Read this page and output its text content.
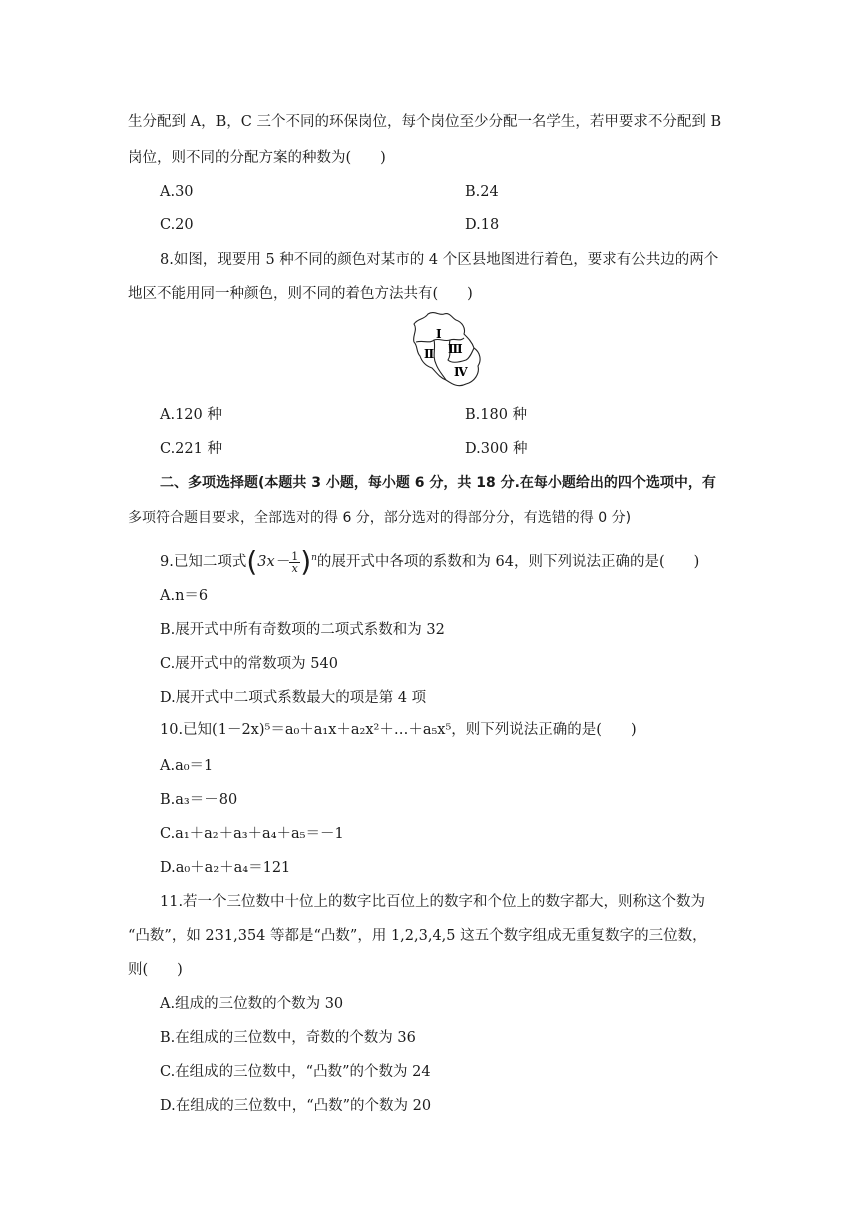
生分配到 A，B，C 三个不同的环保岗位，每个岗位至少分配一名学生，若甲要求不分配到 B
岗位，则不同的分配方案的种数为(　　)
A.30	B.24
C.20	D.18
8.如图，现要用 5 种不同的颜色对某市的 4 个区县地图进行着色，要求有公共边的两个
地区不能用同一种颜色，则不同的着色方法共有(　　)
Ⅰ
Ⅱ Ⅲ
Ⅳ
A.120 种	B.180 种
C.221 种	D.300 种
二、多项选择题(本题共 3 小题，每小题 6 分，共 18 分.在每小题给出的四个选项中，有
多项符合题目要求，全部选对的得 6 分，部分选对的得部分分，有选错的得 0 分)
9.已知二项式$(3x- \frac{1}{x} )^n$的展开式中各项的系数和为 64，则下列说法正确的是(　　)
A.n＝6
B.展开式中所有奇数项的二项式系数和为 32
C.展开式中的常数项为 540
D.展开式中二项式系数最大的项是第 4 项
10.已知(1－2x)⁵＝a₀＋a₁x＋a₂x²＋…＋a₅x⁵，则下列说法正确的是(　　)
A.a₀＝1
B.a₃＝－80
C.a₁＋a₂＋a₃＋a₄＋a₅＝－1
D.a₀＋a₂＋a₄＝121
11.若一个三位数中十位上的数字比百位上的数字和个位上的数字都大，则称这个数为
“凸数”，如 231,354 等都是“凸数”，用 1,2,3,4,5 这五个数字组成无重复数字的三位数，
则(　　)
A.组成的三位数的个数为 30
B.在组成的三位数中，奇数的个数为 36
C.在组成的三位数中，“凸数”的个数为 24
D.在组成的三位数中，“凸数”的个数为 20
